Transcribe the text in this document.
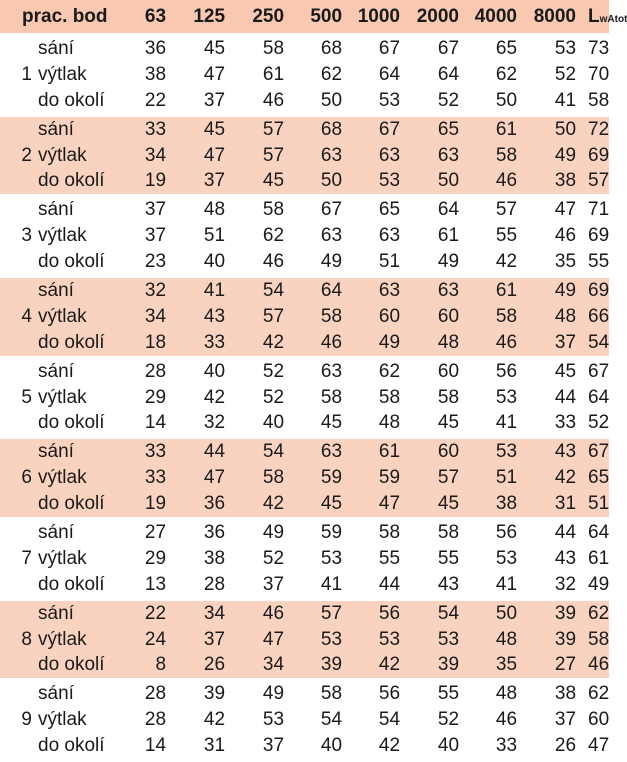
prac. bod		63	125	250	500	1000	2000	4000	8000	LwAtot
	sání	36	45	58	68	67	67	65	53	73
1	výtlak	38	47	61	62	64	64	62	52	70
	do okolí	22	37	46	50	53	52	50	41	58
	sání	33	45	57	68	67	65	61	50	72
2	výtlak	34	47	57	63	63	63	58	49	69
	do okolí	19	37	45	50	53	50	46	38	57
	sání	37	48	58	67	65	64	57	47	71
3	výtlak	37	51	62	63	63	61	55	46	69
	do okolí	23	40	46	49	51	49	42	35	55
	sání	32	41	54	64	63	63	61	49	69
4	výtlak	34	43	57	58	60	60	58	48	66
	do okolí	18	33	42	46	49	48	46	37	54
	sání	28	40	52	63	62	60	56	45	67
5	výtlak	29	42	52	58	58	58	53	44	64
	do okolí	14	32	40	45	48	45	41	33	52
	sání	33	44	54	63	61	60	53	43	67
6	výtlak	33	47	58	59	59	57	51	42	65
	do okolí	19	36	42	45	47	45	38	31	51
	sání	27	36	49	59	58	58	56	44	64
7	výtlak	29	38	52	53	55	55	53	43	61
	do okolí	13	28	37	41	44	43	41	32	49
	sání	22	34	46	57	56	54	50	39	62
8	výtlak	24	37	47	53	53	53	48	39	58
	do okolí	8	26	34	39	42	39	35	27	46
	sání	28	39	49	58	56	55	48	38	62
9	výtlak	28	42	53	54	54	52	46	37	60
	do okolí	14	31	37	40	42	40	33	26	47
